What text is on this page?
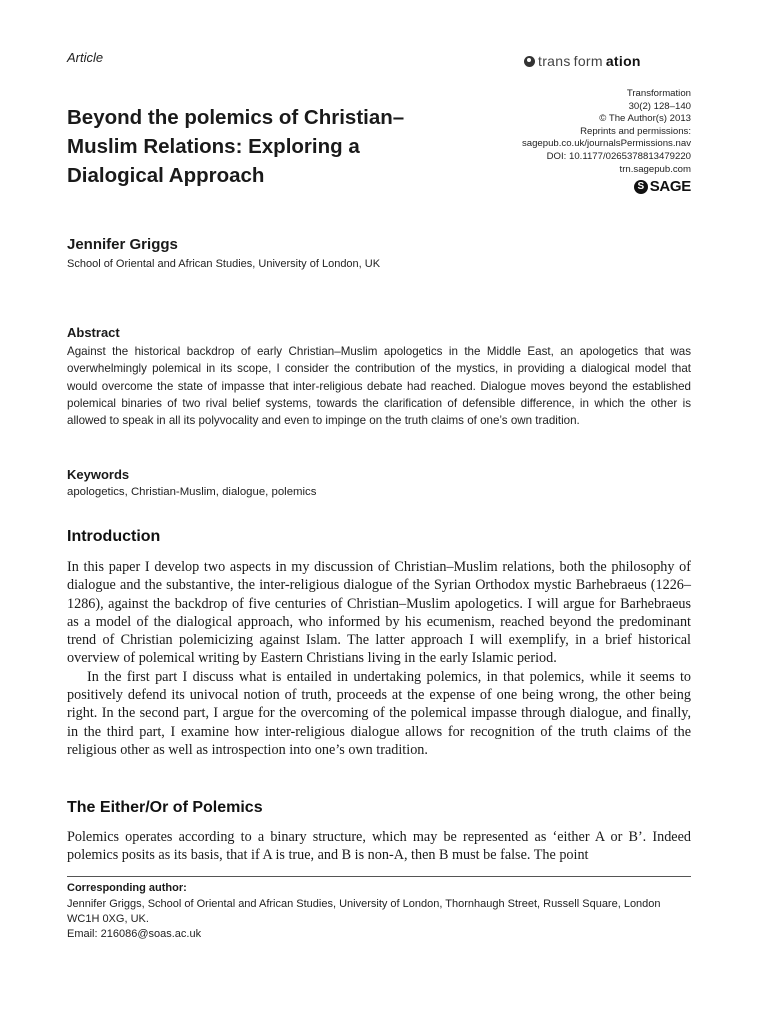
Article	trans form ation
Transformation
30(2) 128–140
© The Author(s) 2013
Reprints and permissions:
sagepub.co.uk/journalsPermissions.nav
DOI: 10.1177/0265378813479220
trn.sagepub.com
S SAGE
Beyond the polemics of Christian–
Muslim Relations: Exploring a
Dialogical Approach
Jennifer Griggs
School of Oriental and African Studies, University of London, UK
Abstract
Against the historical backdrop of early Christian–Muslim apologetics in the Middle East, an apologetics that was overwhelmingly polemical in its scope, I consider the contribution of the mystics, in providing a dialogical model that would overcome the state of impasse that inter-religious debate had reached. Dialogue moves beyond the established polemical binaries of two rival belief systems, towards the clarification of defensible difference, in which the other is allowed to speak in all its polyvocality and even to impinge on the truth claims of one’s own tradition.
Keywords
apologetics, Christian-Muslim, dialogue, polemics
Introduction

In this paper I develop two aspects in my discussion of Christian–Muslim relations, both the philosophy of dialogue and the substantive, the inter-religious dialogue of the Syrian Orthodox mystic Barhebraeus (1226–1286), against the backdrop of five centuries of Christian–Muslim apologetics. I will argue for Barhebraeus as a model of the dialogical approach, who informed by his ecumenism, reached beyond the predominant trend of Christian polemicizing against Islam. The latter approach I will exemplify, in a brief historical overview of polemical writing by Eastern Christians living in the early Islamic period.

In the first part I discuss what is entailed in undertaking polemics, in that polemics, while it seems to positively defend its univocal notion of truth, proceeds at the expense of one being wrong, the other being right. In the second part, I argue for the overcoming of the polemical impasse through dialogue, and finally, in the third part, I examine how inter-religious dialogue allows for recognition of the truth claims of the religious other as well as introspection into one’s own tradition.

The Either/Or of Polemics

Polemics operates according to a binary structure, which may be represented as ‘either A or B’. Indeed polemics posits as its basis, that if A is true, and B is non-A, then B must be false. The point

Corresponding author:
Jennifer Griggs, School of Oriental and African Studies, University of London, Thornhaugh Street, Russell Square, London WC1H 0XG, UK.
Email: 216086@soas.ac.uk
